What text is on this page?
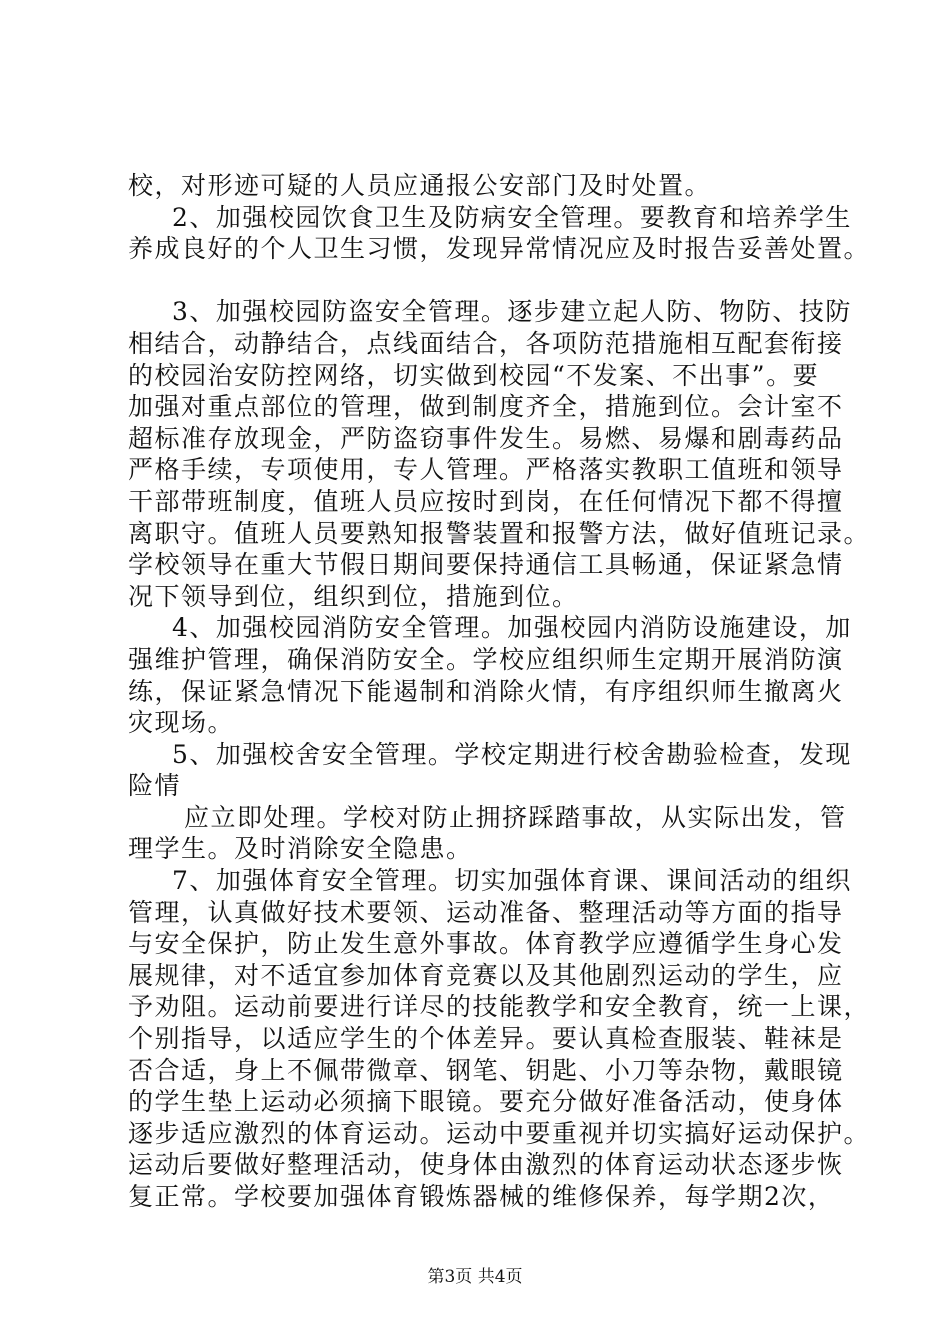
校，对形迹可疑的人员应通报公安部门及时处置。
2、加强校园饮食卫生及防病安全管理。要教育和培养学生
养成良好的个人卫生习惯，发现异常情况应及时报告妥善处置。
3、加强校园防盗安全管理。逐步建立起人防、物防、技防
相结合，动静结合，点线面结合，各项防范措施相互配套衔接
的校园治安防控网络，切实做到校园“不发案、不出事”。要
加强对重点部位的管理，做到制度齐全，措施到位。会计室不
超标准存放现金，严防盗窃事件发生。易燃、易爆和剧毒药品
严格手续，专项使用，专人管理。严格落实教职工值班和领导
干部带班制度，值班人员应按时到岗，在任何情况下都不得擅
离职守。值班人员要熟知报警装置和报警方法，做好值班记录。
学校领导在重大节假日期间要保持通信工具畅通，保证紧急情
况下领导到位，组织到位，措施到位。
4、加强校园消防安全管理。加强校园内消防设施建设，加
强维护管理，确保消防安全。学校应组织师生定期开展消防演
练，保证紧急情况下能遏制和消除火情，有序组织师生撤离火
灾现场。
5、加强校舍安全管理。学校定期进行校舍勘验检查，发现
险情
应立即处理。学校对防止拥挤踩踏事故，从实际出发，管
理学生。及时消除安全隐患。
7、加强体育安全管理。切实加强体育课、课间活动的组织
管理，认真做好技术要领、运动准备、整理活动等方面的指导
与安全保护，防止发生意外事故。体育教学应遵循学生身心发
展规律，对不适宜参加体育竞赛以及其他剧烈运动的学生，应
予劝阻。运动前要进行详尽的技能教学和安全教育，统一上课，
个别指导，以适应学生的个体差异。要认真检查服装、鞋袜是
否合适，身上不佩带微章、钢笔、钥匙、小刀等杂物，戴眼镜
的学生垫上运动必须摘下眼镜。要充分做好准备活动，使身体
逐步适应激烈的体育运动。运动中要重视并切实搞好运动保护。
运动后要做好整理活动，使身体由激烈的体育运动状态逐步恢
复正常。学校要加强体育锻炼器械的维修保养，每学期2次，
第3页 共4页
